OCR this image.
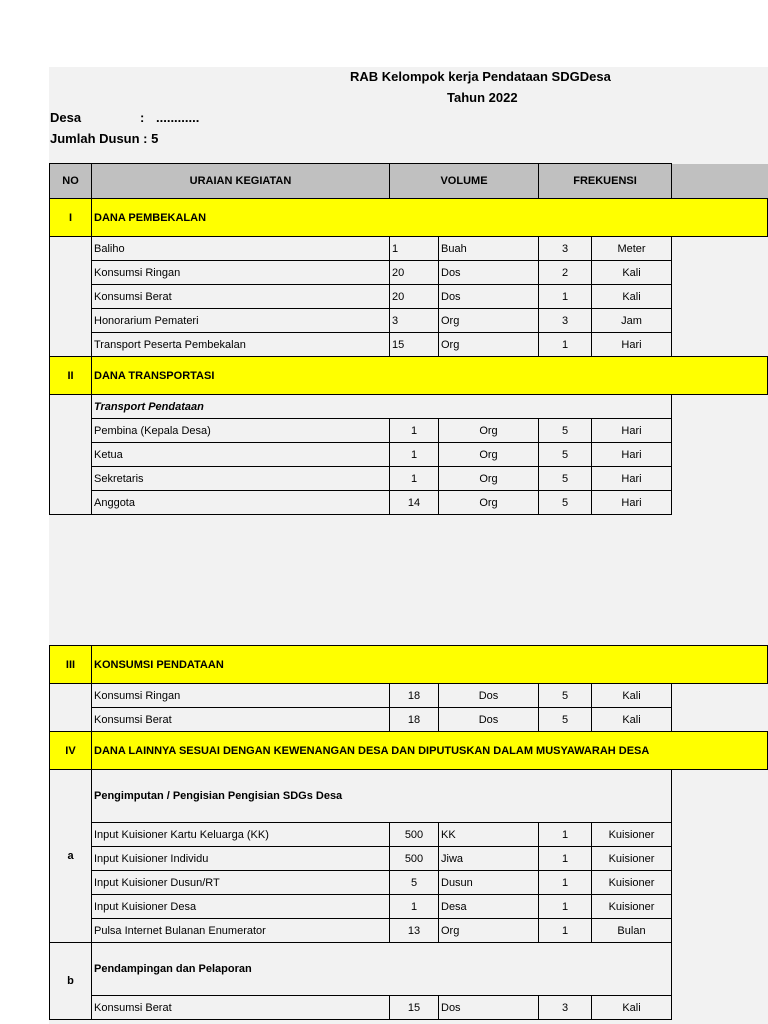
RAB Kelompok kerja Pendataan SDGDesa
Tahun 2022
Desa	: ............
Jumlah Dusun : 5
NO	URAIAN KEGIATAN	VOLUME		FREKUENSI		
I	DANA PEMBEKALAN					
	Baliho	1	Buah	3	Meter	
	Konsumsi Ringan	20	Dos	2	Kali	
	Konsumsi Berat	20	Dos	1	Kali	
	Honorarium Pemateri	3	Org	3	Jam	
	Transport Peserta Pembekalan	15	Org	1	Hari	
II	DANA TRANSPORTASI					
	Transport Pendataan					
	Pembina (Kepala Desa)	1	Org	5	Hari	
	Ketua	1	Org	5	Hari	
	Sekretaris	1	Org	5	Hari	
	Anggota	14	Org	5	Hari	
III	KONSUMSI PENDATAAN					
	Konsumsi Ringan	18	Dos	5	Kali	
	Konsumsi Berat	18	Dos	5	Kali	
IV	DANA LAINNYA SESUAI DENGAN KEWENANGAN DESA DAN DIPUTUSKAN DALAM MUSYAWARAH DESA					
a	Pengimputan / Pengisian Pengisian SDGs Desa					
	Input Kuisioner Kartu Keluarga (KK)	500	KK	1	Kuisioner	
	Input Kuisioner Individu	500	Jiwa	1	Kuisioner	
	Input Kuisioner Dusun/RT	5	Dusun	1	Kuisioner	
	Input Kuisioner Desa	1	Desa	1	Kuisioner	
	Pulsa Internet Bulanan Enumerator	13	Org	1	Bulan	
b	Pendampingan dan Pelaporan					
	Konsumsi Berat	15	Dos	3	Kali	
